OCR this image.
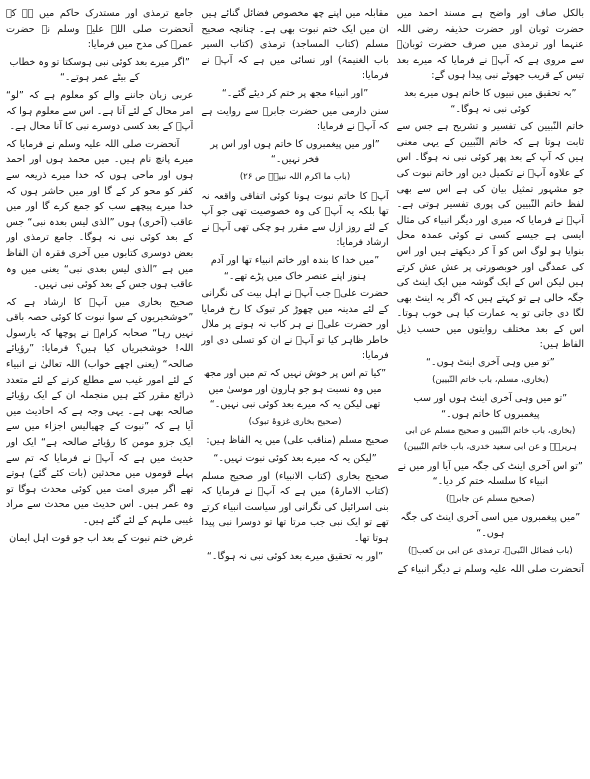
بالکل صاف اور واضح ہے مسند احمد میں حضرت ثوبان اور حضرت حذیفہ رضی اللہ عنہما اور ترمذی میں صرف حضرت ثوبانؓ سے مروی ہے کہ آپؐ نے فرمایا کہ میرے بعد تیس کے قریب جھوٹے نبی پیدا ہوں گے:

”بہ تحقیق میں نبیوں کا خاتم ہوں میرے بعد کوئی نبی نہ ہوگا۔“

خاتم النّبیین کی تفسیر و تشریح ہے جس سے ثابت ہوتا ہے کہ خاتم النّبیین کے یہی معنی ہیں کہ آپ کے بعد پھر کوئی نبی نہ ہوگا۔ اس کے علاوہ آپؐ نے تکمیل دین اور خاتم نبوت کی جو مشہور تمثیل بیان کی ہے اس سے بھی لفظ خاتم النّبیین کی پوری تفسیر ہوتی ہے۔ آپؐ نے فرمایا کہ میری اور دیگر انبیاء کی مثال ایسی ہے جیسے کسی نے کوئی عمدہ محل بنوایا ہو لوگ اس کو آ کر دیکھتے ہیں اور اس کی عمدگی اور خوبصورتی پر عش عش کرتے ہیں لیکن اس کے ایک گوشہ میں ایک اینٹ کی جگہ خالی ہے تو کہتے ہیں کہ اگر یہ اینٹ بھی لگا دی جاتی تو یہ عمارت کیا ہی خوب ہوتا۔ اس کے بعد مختلف روایتوں میں حسب ذیل الفاظ ہیں:

”تو میں وہی آخری اینٹ ہوں۔“

(بخاری، مسلم، باب خاتم النّبیین)

”تو میں وہی آخری اینٹ ہوں اور سب پیغمبروں کا خاتم ہوں۔“

(بخاری، باب خاتم النّبیین و صحیح مسلم عن ابی ہریرہؓ و عن ابی سعید خدری، باب خاتم النّبیین)

”تو اس آخری اینٹ کی جگہ میں آیا اور میں نے انبیاء کا سلسلہ ختم کر دیا۔“

(صحیح مسلم عن جابرؓ)

”میں پیغمبروں میں اسی آخری اینٹ کی جگہ ہوں۔“

(باب فضائل النّبیؐ، ترمذی عن ابی بن کعبؓ)

آنحضرت صلی اللہ علیہ وسلم نے دیگر انبیاء کے

مقابلہ میں اپنے چھ مخصوص فضائل گنائے ہیں ان میں ایک ختم نبوت بھی ہے۔ چنانچہ صحیح مسلم (کتاب المساجد) ترمذی (کتاب السیر باب الغنیمۃ) اور نسائی میں ہے کہ آپؐ نے فرمایا:

”اور انبیاء مجھ پر ختم کر دیئے گئے۔“

سنن دارمی میں حضرت جابرؓ سے روایت ہے کہ آپؐ نے فرمایا:

”اور میں پیغمبروں کا خاتم ہوں اور اس پر فخر نہیں۔“

(باب ما اکرم اللہ نبیہؐ ص ۲۶)

آپؐ کا خاتم نبوت ہونا کوئی اتفاقی واقعہ نہ تھا بلکہ یہ آپؐ کی وہ خصوصیت تھی جو آپ کے لئے روز ازل سے مقرر ہو چکی تھی آپؐ نے ارشاد فرمایا:

”میں خدا کا بندہ اور خاتم انبیاء تھا اور آدم ہنوز اپنے عنصر خاک میں پڑے تھے۔“

حضرت علیؓ جب آپؐ نے اہل بیت کی نگرانی کے لئے مدینہ میں چھوڑ کر تبوک کا رخ فرمایا اور حضرت علیؓ نے ہر کاب نہ ہونے پر ملال خاطر ظاہر کیا تو آپؐ نے ان کو تسلی دی اور فرمایا:

”کیا تم اس پر خوش نہیں کہ تم میں اور مجھ میں وہ نسبت ہو جو ہارون اور موسیٰ میں تھی لیکن یہ کہ میرے بعد کوئی نبی نہیں۔“

(صحیح بخاری غزوۂ تبوک)

صحیح مسلم (مناقب علی) میں یہ الفاظ ہیں:

”لیکن یہ کہ میرے بعد کوئی نبوت نہیں۔“

صحیح بخاری (کتاب الانبیاء) اور صحیح مسلم (کتاب الامارۃ) میں ہے کہ آپؐ نے فرمایا کہ بنی اسرائیل کی نگرانی اور سیاست انبیاء کرتے تھے تو ایک نبی جب مرتا تھا تو دوسرا نبی پیدا ہوتا تھا۔

”اور بہ تحقیق میرے بعد کوئی نبی نہ ہوگا۔“

جامع ترمذی اور مستدرک حاکم میں ہے کہ آنحضرت صلی اللہ علیہ وسلم نے حضرت عمرؓ کی مدح میں فرمایا:

”اگر میرے بعد کوئی نبی ہوسکتا تو وہ خطاب کے بیٹے عمر ہوتے۔“

عربی زبان جاننے والے کو معلوم ہے کہ ”لو“ امر محال کے لئے آتا ہے۔ اس سے معلوم ہوا کہ آپؐ کے بعد کسی دوسرے نبی کا آنا محال ہے۔

آنحضرت صلی اللہ علیہ وسلم نے فرمایا کہ میرے پانچ نام ہیں۔ میں محمد ہوں اور احمد ہوں اور ماحی ہوں کہ خدا میرے ذریعہ سے کفر کو محو کر کے گا اور میں حاشر ہوں کہ خدا میرے پیچھے سب کو جمع کرے گا اور میں عاقب (آخری) ہوں ”الذی لیس بعدہ نبی“ جس کے بعد کوئی نبی نہ ہوگا۔ جامع ترمذی اور بعض دوسری کتابوں میں آخری فقرہ ان الفاظ میں ہے ”الذی لیس بعدی نبی“ یعنی میں وہ عاقب ہوں جس کے بعد کوئی نبی نہیں۔

صحیح بخاری میں آپؐ کا ارشاد ہے کہ ”خوشخبریوں کے سوا نبوت کا کوئی حصہ باقی نہیں رہا“ صحابہ کرامؓ نے پوچھا کہ یارسول اللہ! خوشخبریاں کیا ہیں؟ فرمایا: ”رؤیائے صالحہ“ (یعنی اچھے خواب) اللہ تعالیٰ نے انبیاء کے لئے امور غیب سے مطلع کرنے کے لئے متعدد ذرائع مقرر کئے ہیں منجملہ ان کے ایک رؤیائے صالحہ بھی ہے۔ یہی وجہ ہے کہ احادیث میں آیا ہے کہ ”نبوت کے چھیالیس اجزاء میں سے ایک جزو مومن کا رؤیائے صالحہ ہے“ ایک اور حدیث میں ہے کہ آپؐ نے فرمایا کہ تم سے پہلے قوموں میں محدثین (بات کئے گئے) ہوتے تھے اگر میری امت میں کوئی محدث ہوگا تو وہ عمر ہیں۔ اس حدیث میں محدث سے مراد غیبی ملہم کے لئے گئے ہیں۔

غرض ختم نبوت کے بعد اب جو قوت اہل ایمان
